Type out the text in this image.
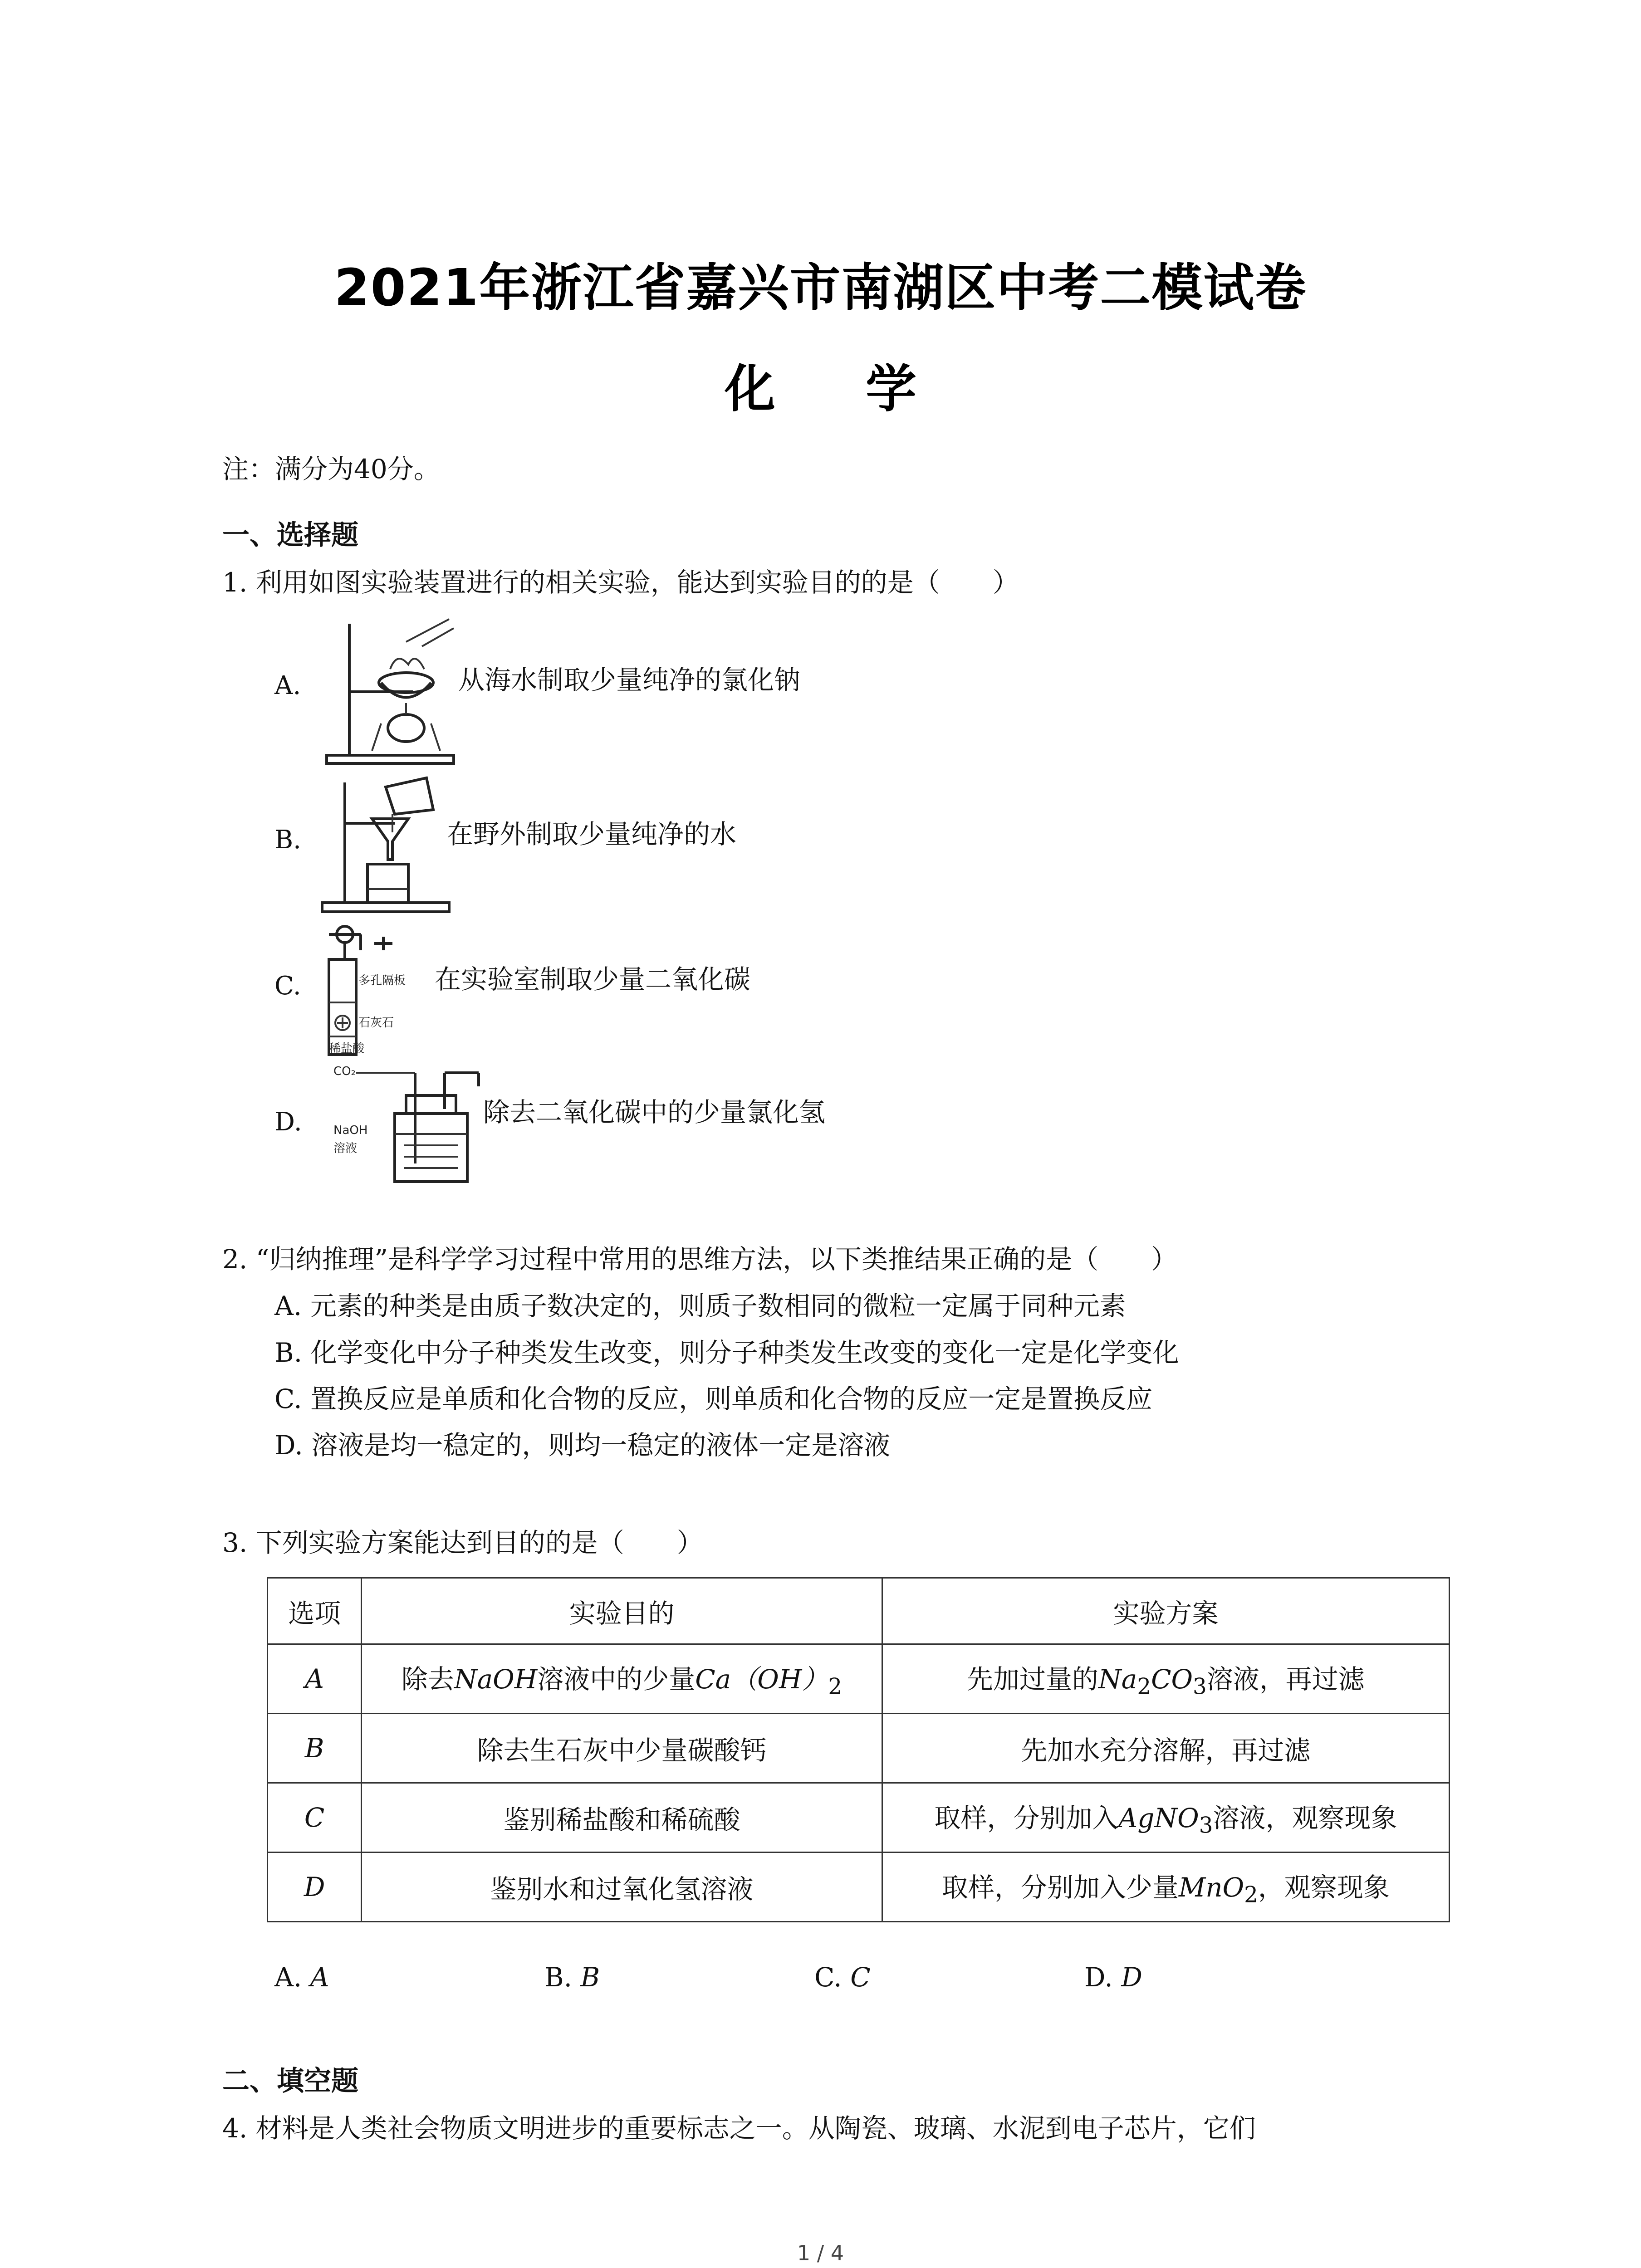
2021年浙江省嘉兴市南湖区中考二模试卷
化 学
注：满分为40分。
一、选择题
1. 利用如图实验装置进行的相关实验，能达到实验目的的是（　　）
A.	从海水制取少量纯净的氯化钠
B.	在野外制取少量纯净的水
C.	多孔隔板
石灰石
稀盐酸
在实验室制取少量二氧化碳
D.
CO₂
NaOH
溶液
除去二氧化碳中的少量氯化氢
2. “归纳推理”是科学学习过程中常用的思维方法，以下类推结果正确的是（　　）
A. 元素的种类是由质子数决定的，则质子数相同的微粒一定属于同种元素
B. 化学变化中分子种类发生改变，则分子种类发生改变的变化一定是化学变化
C. 置换反应是单质和化合物的反应，则单质和化合物的反应一定是置换反应
D. 溶液是均一稳定的，则均一稳定的液体一定是溶液
3. 下列实验方案能达到目的的是（　　）
选项	实验目的	实验方案
A	除去NaOH溶液中的少量$Ca(OH)_2$	先加过量的$Na_2CO_3$溶液，再过滤
B	除去生石灰中少量碳酸钙	先加水充分溶解，再过滤
C	鉴别稀盐酸和稀硫酸	取样，分别加入AgNO$_3$溶液，观察现象
D	鉴别水和过氧化氢溶液	取样，分别加入少量MnO$_2$，观察现象
A. A	B. B	C. C	D. D
二、填空题
4. 材料是人类社会物质文明进步的重要标志之一。从陶瓷、玻璃、水泥到电子芯片，它们
1 / 4
